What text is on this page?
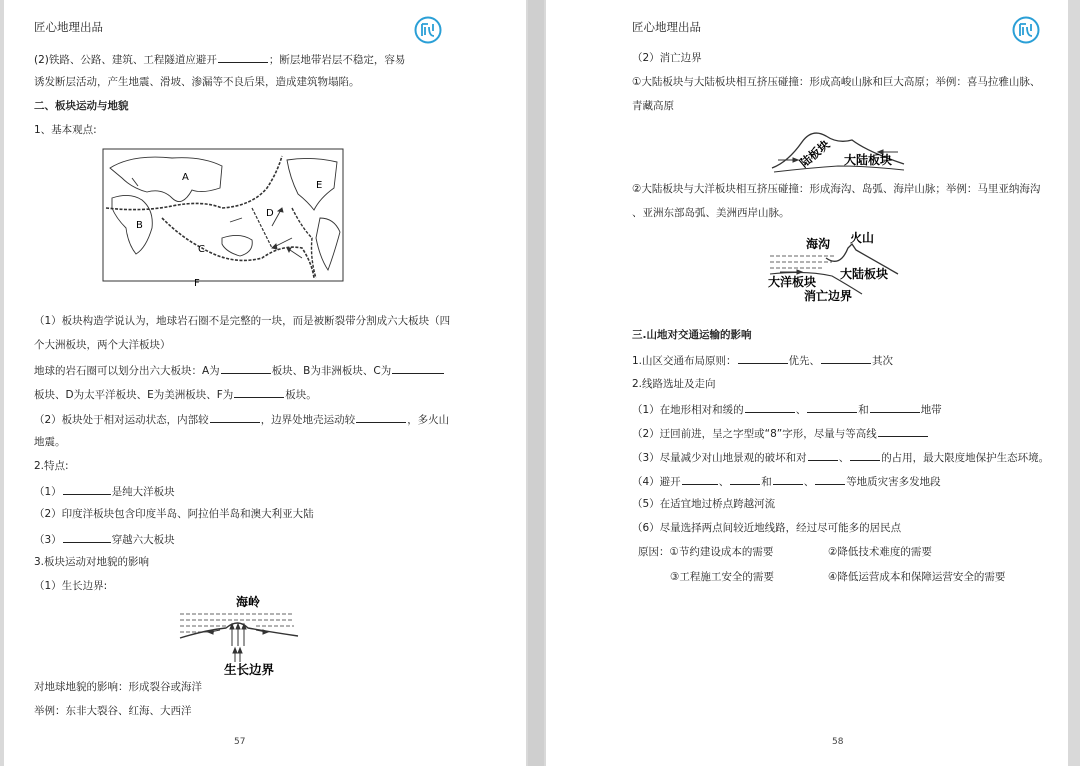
匠心地理出品
(2)铁路、公路、建筑、工程隧道应避开	；断层地带岩层不稳定，容易
诱发断层活动，产生地震、滑坡、渗漏等不良后果，造成建筑物塌陷。
二、板块运动与地貌
1、基本观点:
A
B
C
D
E
F
（1）板块构造学说认为，地球岩石圈不是完整的一块，而是被断裂带分割成六大板块（四
个大洲板块，两个大洋板块）
地球的岩石圈可以划分出六大板块：A为	板块、B为非洲板块、C为
板块、D为太平洋板块、E为美洲板块、F为	板块。
（2）板块处于相对运动状态，内部较	，边界处地壳运动较	，多火山
地震。
2.特点:
（1）	是纯大洋板块
（2）印度洋板块包含印度半岛、阿拉伯半岛和澳大利亚大陆
（3）	穿越六大板块
3.板块运动对地貌的影响
（1）生长边界:
海岭
生长边界
对地球地貌的影响：形成裂谷或海洋
举例：东非大裂谷、红海、大西洋
57
匠心地理出品
（2）消亡边界
①大陆板块与大陆板块相互挤压碰撞：形成高峻山脉和巨大高原；举例：喜马拉雅山脉、
青藏高原
陆板块 大陆板块
②大陆板块与大洋板块相互挤压碰撞：形成海沟、岛弧、海岸山脉；举例：马里亚纳海沟
、亚洲东部岛弧、美洲西岸山脉。
海沟 火山
大陆板块
大洋板块
消亡边界
三.山地对交通运输的影响
1.山区交通布局原则：	优先、	其次
2.线路选址及走向
（1）在地形相对和缓的	、	和	地带
（2）迂回前进，呈之字型或“8”字形，尽量与等高线
（3）尽量减少对山地景观的破坏和对	、	的占用，最大限度地保护生态环境。
（4）避开	、	和	、	等地质灾害多发地段
（5）在适宜地过桥点跨越河流
（6）尽量选择两点间较近地线路，经过尽可能多的居民点
原因：①节约建设成本的需要	②降低技术难度的需要
③工程施工安全的需要	④降低运营成本和保障运营安全的需要
58
